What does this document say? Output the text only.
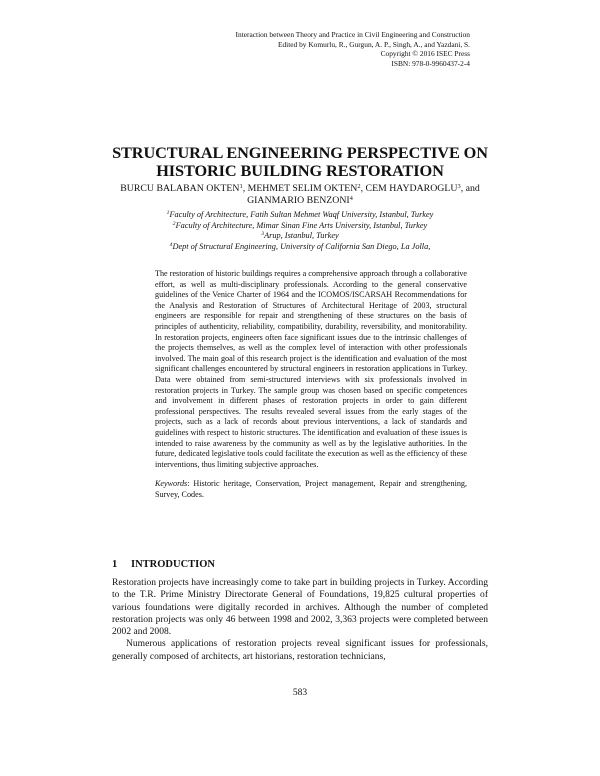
Interaction between Theory and Practice in Civil Engineering and Construction
Edited by Komurlu, R., Gurgun, A. P., Singh, A., and Yazdani, S.
Copyright © 2016 ISEC Press
ISBN: 978-0-9960437-2-4
STRUCTURAL ENGINEERING PERSPECTIVE ON
HISTORIC BUILDING RESTORATION
BURCU BALABAN OKTEN$^1$, MEHMET SELIM OKTEN$^2$, CEM HAYDAROGLU$^3$, and
GIANMARIO BENZONI$^4$
$^1$Faculty of Architecture, Fatih Sultan Mehmet Waqf University, Istanbul, Turkey
$^2$Faculty of Architecture, Mimar Sinan Fine Arts University, Istanbul, Turkey
$^3$Arup, Istanbul, Turkey
$^4$Dept of Structural Engineering, University of California San Diego, La Jolla,
The restoration of historic buildings requires a comprehensive approach through a collaborative effort, as well as multi-disciplinary professionals. According to the general conservative guidelines of the Venice Charter of 1964 and the ICOMOS/ISCARSAH Recommendations for the Analysis and Restoration of Structures of Architectural Heritage of 2003, structural engineers are responsible for repair and strengthening of these structures on the basis of principles of authenticity, reliability, compatibility, durability, reversibility, and monitorability. In restoration projects, engineers often face significant issues due to the intrinsic challenges of the projects themselves, as well as the complex level of interaction with other professionals involved. The main goal of this research project is the identification and evaluation of the most significant challenges encountered by structural engineers in restoration applications in Turkey. Data were obtained from semi-structured interviews with six professionals involved in restoration projects in Turkey. The sample group was chosen based on specific competences and involvement in different phases of restoration projects in order to gain different professional perspectives. The results revealed several issues from the early stages of the projects, such as a lack of records about previous interventions, a lack of standards and guidelines with respect to historic structures. The identification and evaluation of these issues is intended to raise awareness by the community as well as by the legislative authorities. In the future, dedicated legislative tools could facilitate the execution as well as the efficiency of these interventions, thus limiting subjective approaches.
Keywords: Historic heritage, Conservation, Project management, Repair and strengthening, Survey, Codes.
1 INTRODUCTION

Restoration projects have increasingly come to take part in building projects in Turkey. According to the T.R. Prime Ministry Directorate General of Foundations, 19,825 cultural properties of various foundations were digitally recorded in archives. Although the number of completed restoration projects was only 46 between 1998 and 2002, 3,363 projects were completed between 2002 and 2008.

Numerous applications of restoration projects reveal significant issues for professionals, generally composed of architects, art historians, restoration technicians,

583
